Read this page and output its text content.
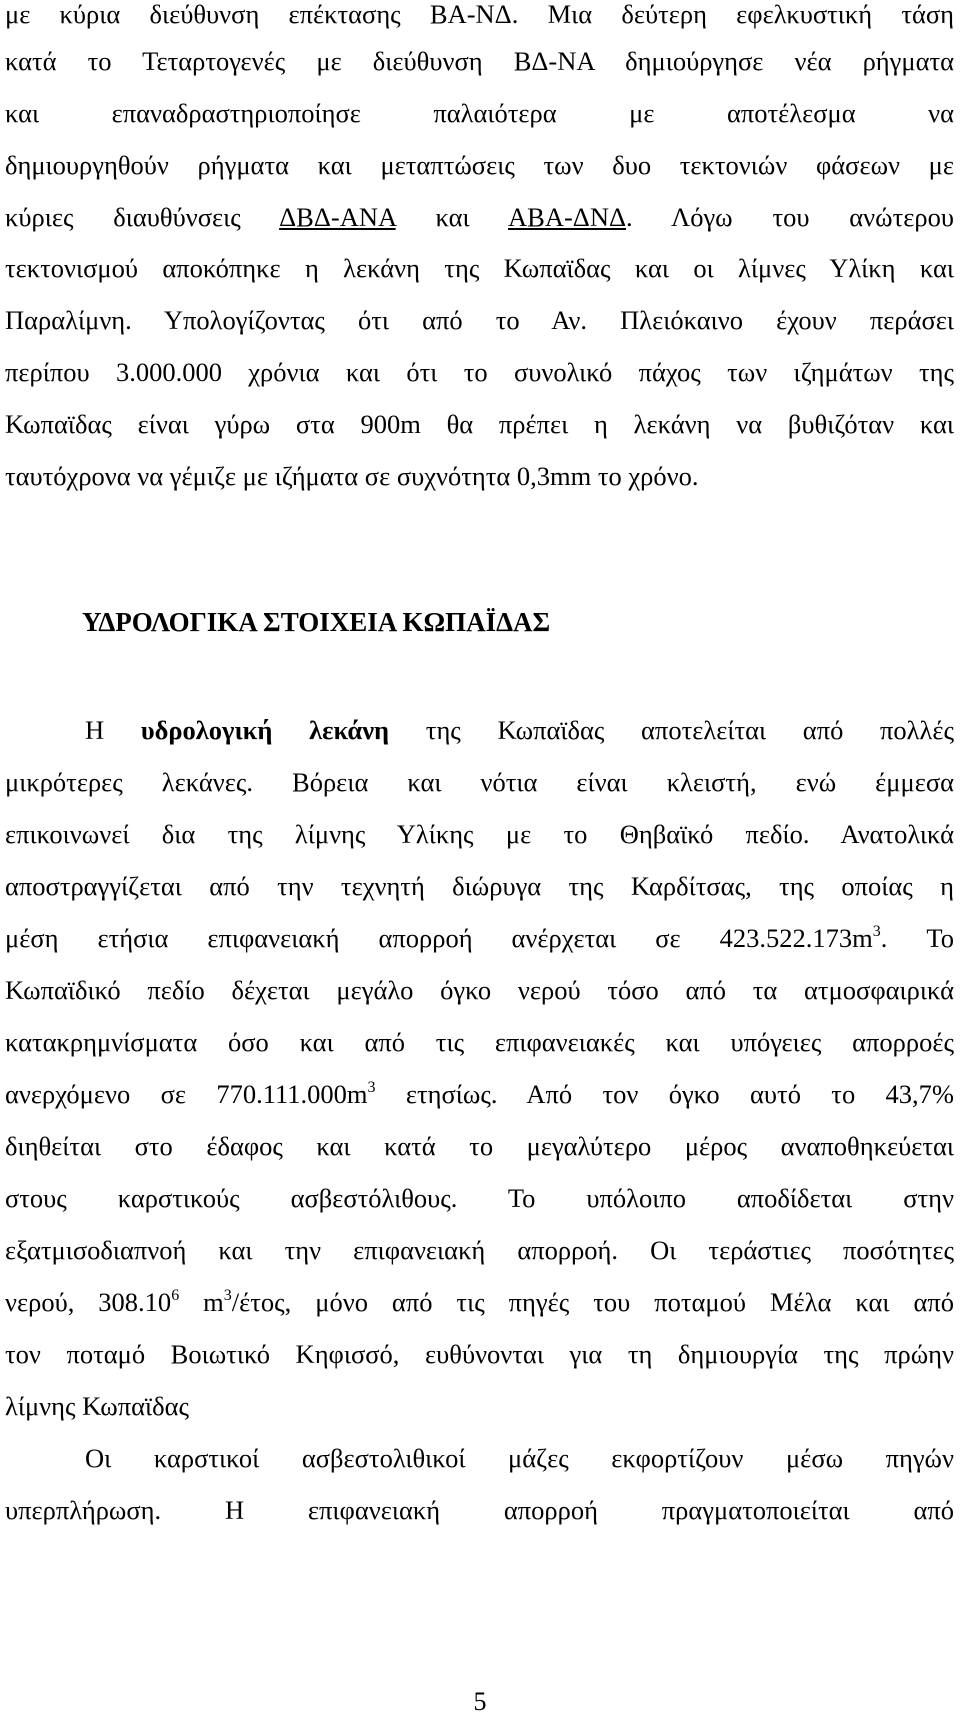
με κύρια διεύθυνση επέκτασης ΒΑ-ΝΔ. Μια δεύτερη εφελκυστική τάση
κατά το Τεταρτογενές με διεύθυνση ΒΔ-ΝΑ δημιούργησε νέα ρήγματα
και επαναδραστηριοποίησε παλαιότερα με αποτέλεσμα να
δημιουργηθούν ρήγματα και μεταπτώσεις των δυο τεκτονιών φάσεων με
κύριες διαυθύνσεις ΔΒΔ-ΑΝΑ και ΑΒΑ-ΔΝΔ. Λόγω του ανώτερου
τεκτονισμού αποκόπηκε η λεκάνη της Κωπαϊδας και οι λίμνες Υλίκη και
Παραλίμνη. Υπολογίζοντας ότι από το Αν. Πλειόκαινο έχουν περάσει
περίπου 3.000.000 χρόνια και ότι το συνολικό πάχος των ιζημάτων της
Κωπαϊδας είναι γύρω στα 900m θα πρέπει η λεκάνη να βυθιζόταν και
ταυτόχρονα να γέμιζε με ιζήματα σε συχνότητα 0,3mm το χρόνο.
ΥΔΡΟΛΟΓΙΚΑ ΣΤΟΙΧΕΙΑ ΚΩΠΑΪΔΑΣ
Η υδρολογική λεκάνη της Κωπαϊδας αποτελείται από πολλές
μικρότερες λεκάνες. Βόρεια και νότια είναι κλειστή, ενώ έμμεσα
επικοινωνεί δια της λίμνης Υλίκης με το Θηβαϊκό πεδίο. Ανατολικά
αποστραγγίζεται από την τεχνητή διώρυγα της Καρδίτσας, της οποίας η
μέση ετήσια επιφανειακή απορροή ανέρχεται σε $423.522.173m^3$. Το
Κωπαϊδικό πεδίο δέχεται μεγάλο όγκο νερού τόσο από τα ατμοσφαιρικά
κατακρημνίσματα όσο και από τις επιφανειακές και υπόγειες απορροές
ανερχόμενο σε $770.111.000m^3$ ετησίως. Από τον όγκο αυτό το 43,7%
διηθείται στο έδαφος και κατά το μεγαλύτερο μέρος αναποθηκεύεται
στους καρστικούς ασβεστόλιθους. Το υπόλοιπο αποδίδεται στην
εξατμισοδιαπνοή και την επιφανειακή απορροή. Οι τεράστιες ποσότητες
νερού, 308.10$^6$ $m^3$/έτος, μόνο από τις πηγές του ποταμού Μέλα και από
τον ποταμό Βοιωτικό Κηφισσό, ευθύνονται για τη δημιουργία της πρώην
λίμνης Κωπαϊδας
Οι καρστικοί ασβεστολιθικοί μάζες εκφορτίζουν μέσω πηγών
υπερπλήρωση. Η επιφανειακή απορροή πραγματοποιείται από
5
